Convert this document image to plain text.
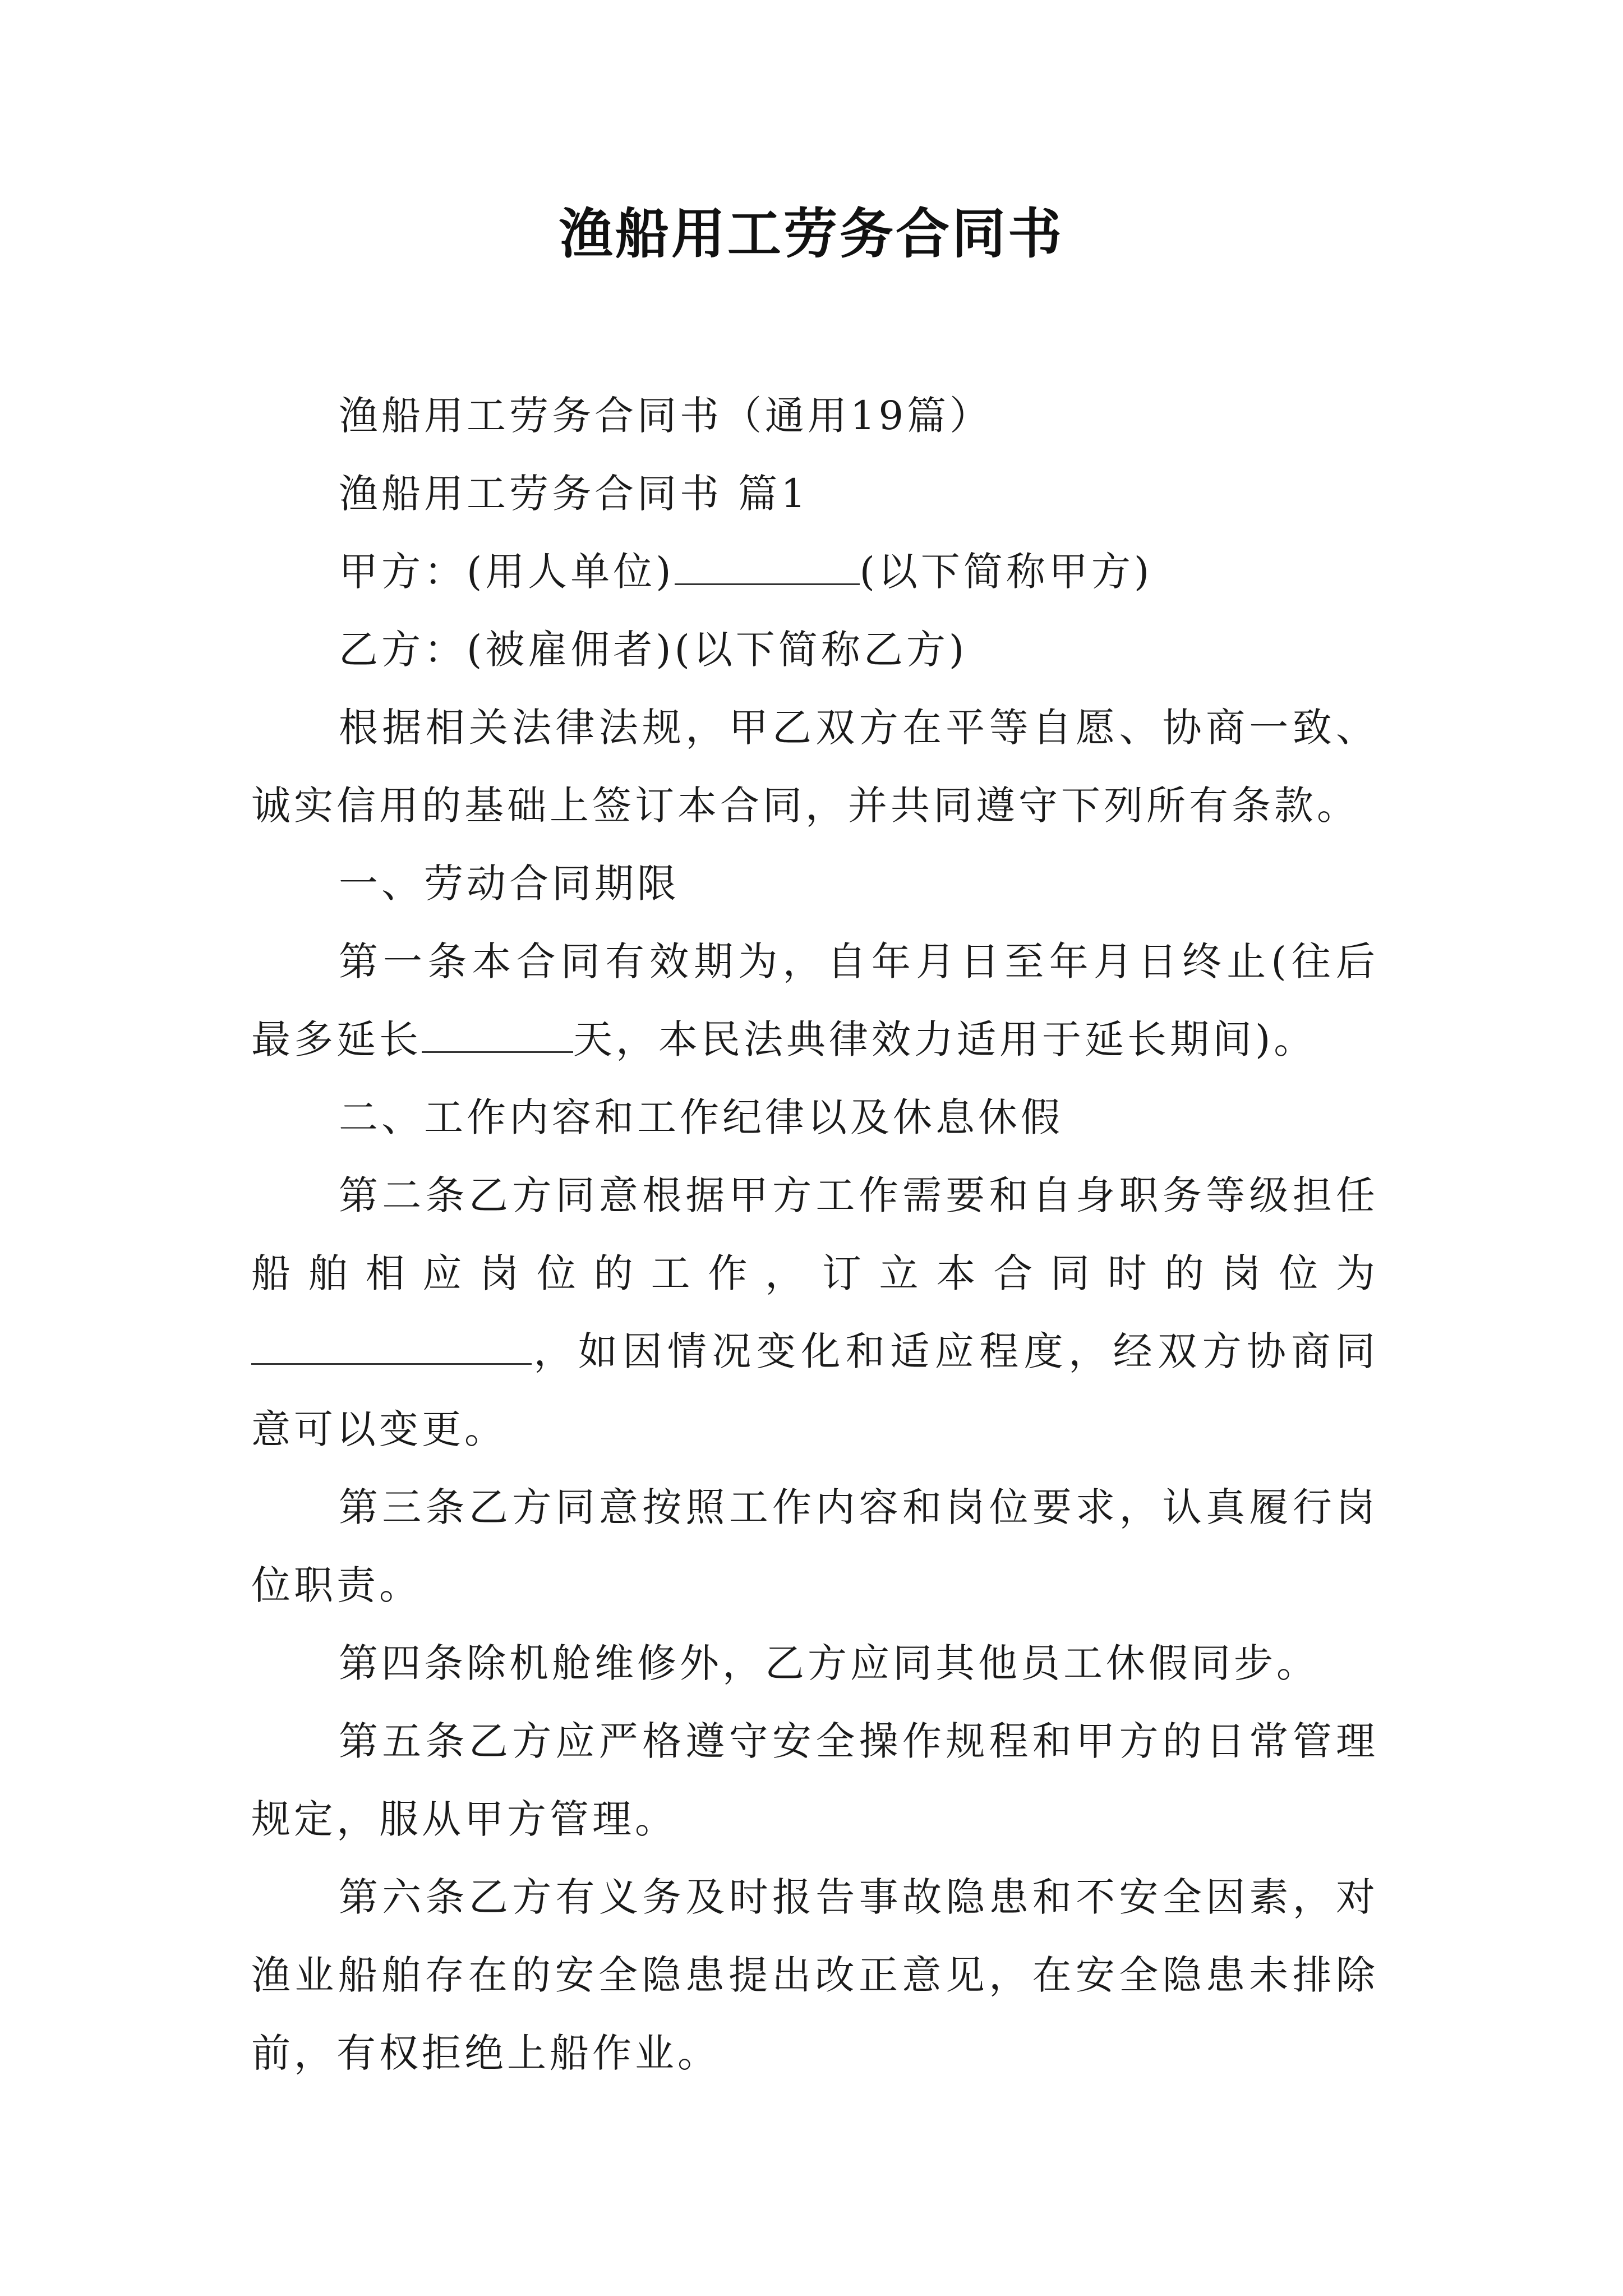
渔船用工劳务合同书

渔船用工劳务合同书（通用19篇）

渔船用工劳务合同书 篇1

甲方：(用人单位)	(以下简称甲方)

乙方：(被雇佣者)(以下简称乙方)

根据相关法律法规，甲乙双方在平等自愿、协商一致、诚实信用的基础上签订本合同，并共同遵守下列所有条款。

一、劳动合同期限

第一条本合同有效期为，自年月日至年月日终止(往后最多延长	天，本民法典律效力适用于延长期间)。

二、工作内容和工作纪律以及休息休假

第二条乙方同意根据甲方工作需要和自身职务等级担任船舶相应岗位的工作，订立本合同时的岗位为，如因情况变化和适应程度，经双方协商同意可以变更。

第三条乙方同意按照工作内容和岗位要求，认真履行岗位职责。

第四条除机舱维修外，乙方应同其他员工休假同步。

第五条乙方应严格遵守安全操作规程和甲方的日常管理规定，服从甲方管理。

第六条乙方有义务及时报告事故隐患和不安全因素，对渔业船舶存在的安全隐患提出改正意见，在安全隐患未排除前，有权拒绝上船作业。
